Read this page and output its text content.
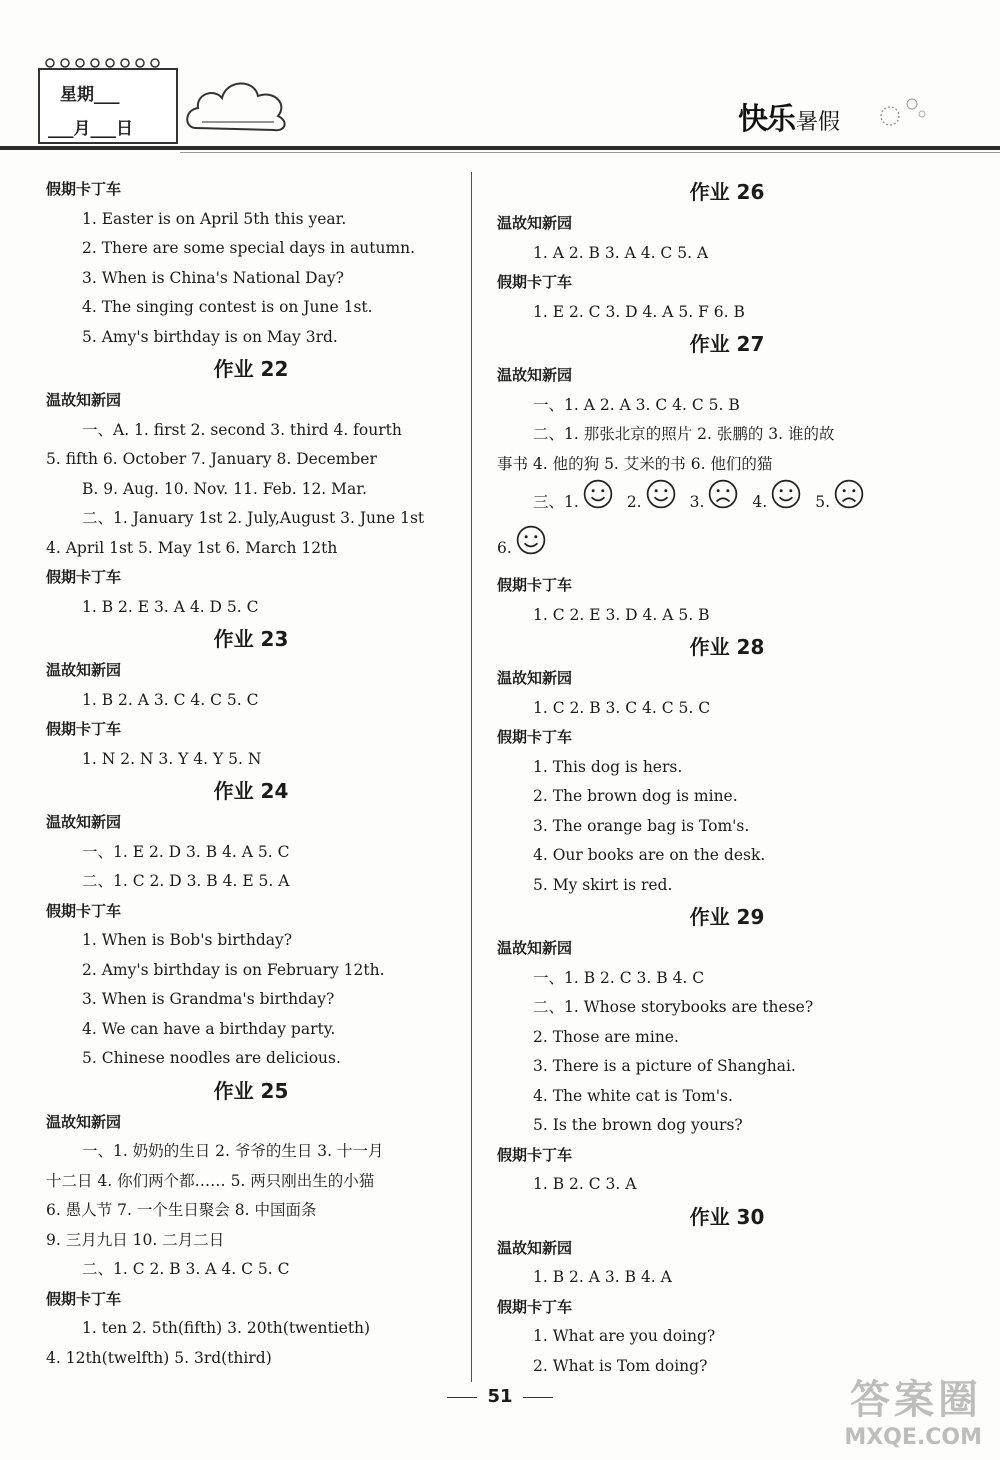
星期___
___月___日	快乐暑假
假期卡丁车
1. Easter is on April 5th this year.
2. There are some special days in autumn.
3. When is China's National Day?
4. The singing contest is on June 1st.
5. Amy's birthday is on May 3rd.
作业 22
温故知新园
一、A. 1. first 2. second 3. third 4. fourth
5. fifth 6. October 7. January 8. December
B. 9. Aug. 10. Nov. 11. Feb. 12. Mar.
二、1. January 1st 2. July,August 3. June 1st
4. April 1st 5. May 1st 6. March 12th
假期卡丁车
1. B 2. E 3. A 4. D 5. C
作业 23
温故知新园
1. B 2. A 3. C 4. C 5. C
假期卡丁车
1. N 2. N 3. Y 4. Y 5. N
作业 24
温故知新园
一、1. E 2. D 3. B 4. A 5. C
二、1. C 2. D 3. B 4. E 5. A
假期卡丁车
1. When is Bob's birthday?
2. Amy's birthday is on February 12th.
3. When is Grandma's birthday?
4. We can have a birthday party.
5. Chinese noodles are delicious.
作业 25
温故知新园
一、1. 奶奶的生日 2. 爷爷的生日 3. 十一月
十二日 4. 你们两个都…… 5. 两只刚出生的小猫
6. 愚人节 7. 一个生日聚会 8. 中国面条
9. 三月九日 10. 二月二日
二、1. C 2. B 3. A 4. C 5. C
假期卡丁车
1. ten 2. 5th(fifth) 3. 20th(twentieth)
4. 12th(twelfth) 5. 3rd(third)
作业 26
温故知新园
1. A 2. B 3. A 4. C 5. A
假期卡丁车
1. E 2. C 3. D 4. A 5. F 6. B
作业 27
温故知新园
一、1. A 2. A 3. C 4. C 5. B
二、1. 那张北京的照片 2. 张鹏的 3. 谁的故
事书 4. 他的狗 5. 艾米的书 6. 他们的猫
三、1.	2.	3.	4.	5.
6.
假期卡丁车
1. C 2. E 3. D 4. A 5. B
作业 28
温故知新园
1. C 2. B 3. C 4. C 5. C
假期卡丁车
1. This dog is hers.
2. The brown dog is mine.
3. The orange bag is Tom's.
4. Our books are on the desk.
5. My skirt is red.
作业 29
温故知新园
一、1. B 2. C 3. B 4. C
二、1. Whose storybooks are these?
2. Those are mine.
3. There is a picture of Shanghai.
4. The white cat is Tom's.
5. Is the brown dog yours?
假期卡丁车
1. B 2. C 3. A
作业 30
温故知新园
1. B 2. A 3. B 4. A
假期卡丁车
1. What are you doing?
2. What is Tom doing?
51	答案圈
MXQE.COM
